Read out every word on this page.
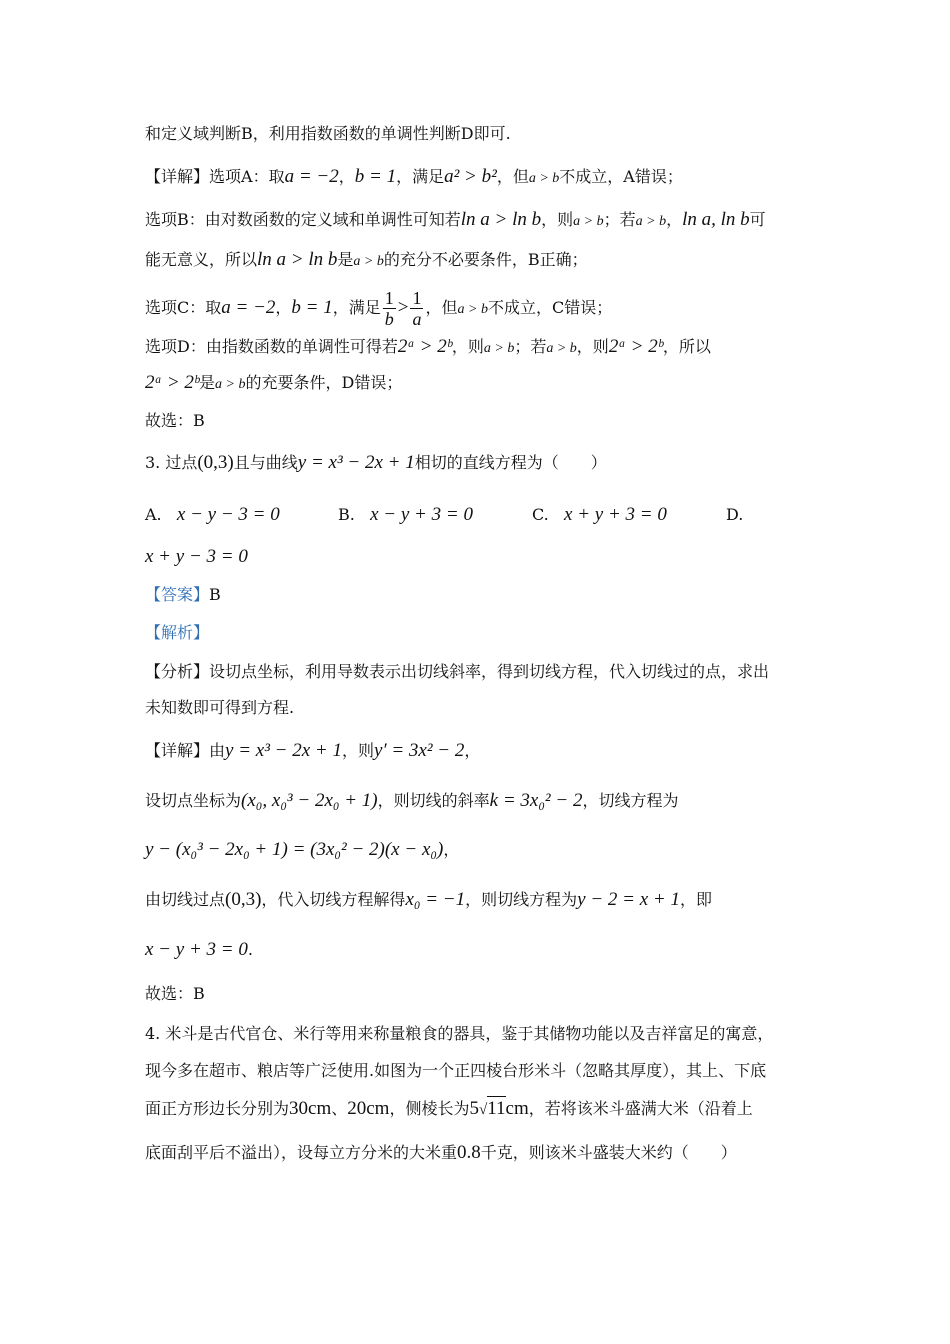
和定义域判断B，利用指数函数的单调性判断D即可.
【详解】选项A：取a = −2，b = 1，满足a² > b²，但a > b不成立，A错误；
选项B：由对数函数的定义域和单调性可知若ln a > ln b，则a > b；若a > b，ln a, ln b可
能无意义，所以ln a > ln b是a > b的充分不必要条件，B正确；
选项C：取a = −2，b = 1，满足 $\frac{1}{b} > \frac{1}{a}$ ，但a > b不成立，C错误；
选项D：由指数函数的单调性可得若2ᵃ > 2ᵇ，则a > b；若a > b，则2ᵃ > 2ᵇ，所以
2ᵃ > 2ᵇ是a > b的充要条件，D错误；
故选：B
3. 过点(0,3)且与曲线y = x³ − 2x + 1相切的直线方程为（　　）
A. x − y − 3 = 0	B. x − y + 3 = 0	C. x + y + 3 = 0	D.
x + y − 3 = 0
【答案】B
【解析】
【分析】设切点坐标，利用导数表示出切线斜率，得到切线方程，代入切线过的点，求出
未知数即可得到方程.
【详解】由y = x³ − 2x + 1，则y′ = 3x² − 2，
设切点坐标为(x₀, x₀³ − 2x₀ + 1)，则切线的斜率k = 3x₀² − 2，切线方程为
y − (x₀³ − 2x₀ + 1) = (3x₀² − 2)(x − x₀)，
由切线过点(0,3)，代入切线方程解得x₀ = −1，则切线方程为y − 2 = x + 1，即
x − y + 3 = 0.
故选：B
4. 米斗是古代官仓、米行等用来称量粮食的器具，鉴于其储物功能以及吉祥富足的寓意，
现今多在超市、粮店等广泛使用.如图为一个正四棱台形米斗（忽略其厚度），其上、下底
面正方形边长分别为30cm、20cm，侧棱长为5√11cm，若将该米斗盛满大米（沿着上
底面刮平后不溢出），设每立方分米的大米重0.8千克，则该米斗盛装大米约（　　）
